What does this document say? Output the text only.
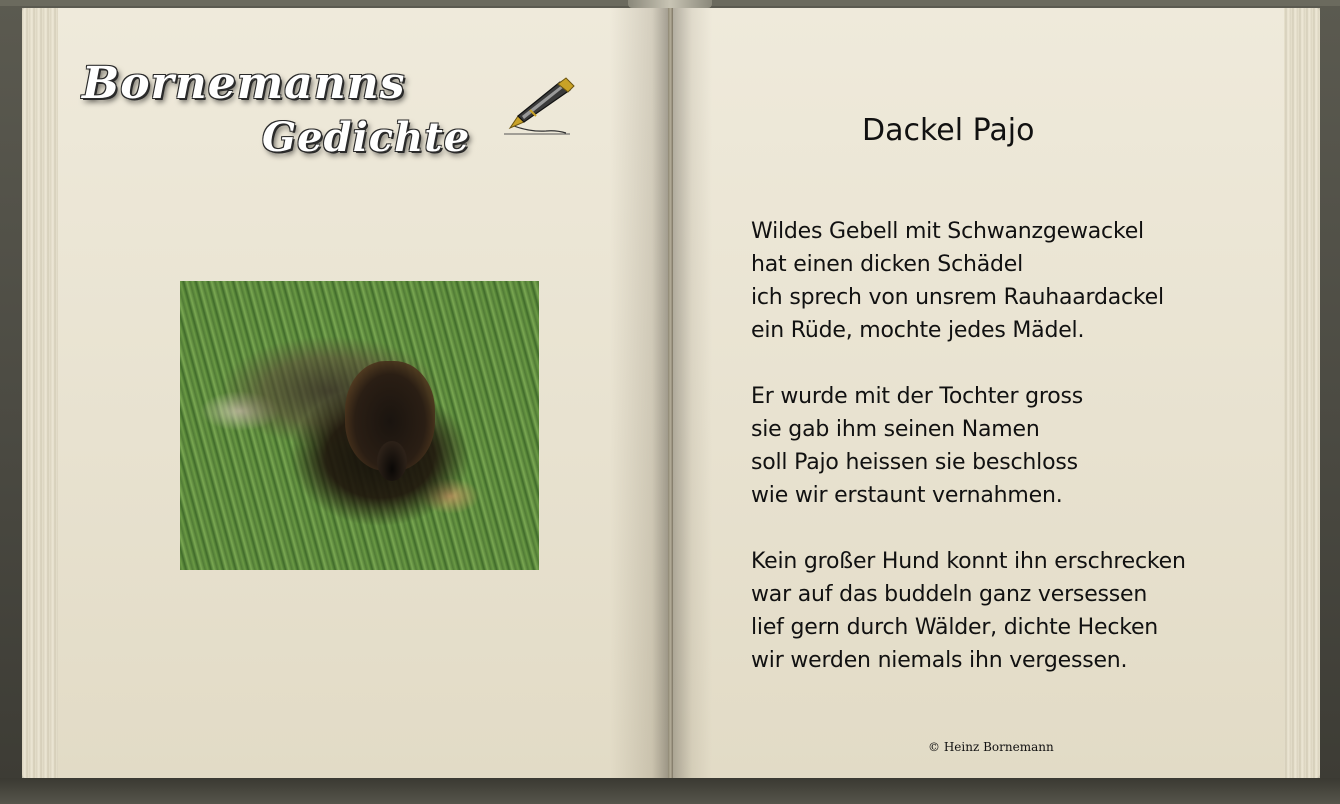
Bornemanns
Gedichte	Dackel Pajo
Wildes Gebell mit Schwanzgewackel
hat einen dicken Schädel
ich sprech von unsrem Rauhaardackel
ein Rüde, mochte jedes Mädel.
Er wurde mit der Tochter gross
sie gab ihm seinen Namen
soll Pajo heissen sie beschloss
wie wir erstaunt vernahmen.
Kein großer Hund konnt ihn erschrecken
war auf das buddeln ganz versessen
lief gern durch Wälder, dichte Hecken
wir werden niemals ihn vergessen.
© Heinz Bornemann
